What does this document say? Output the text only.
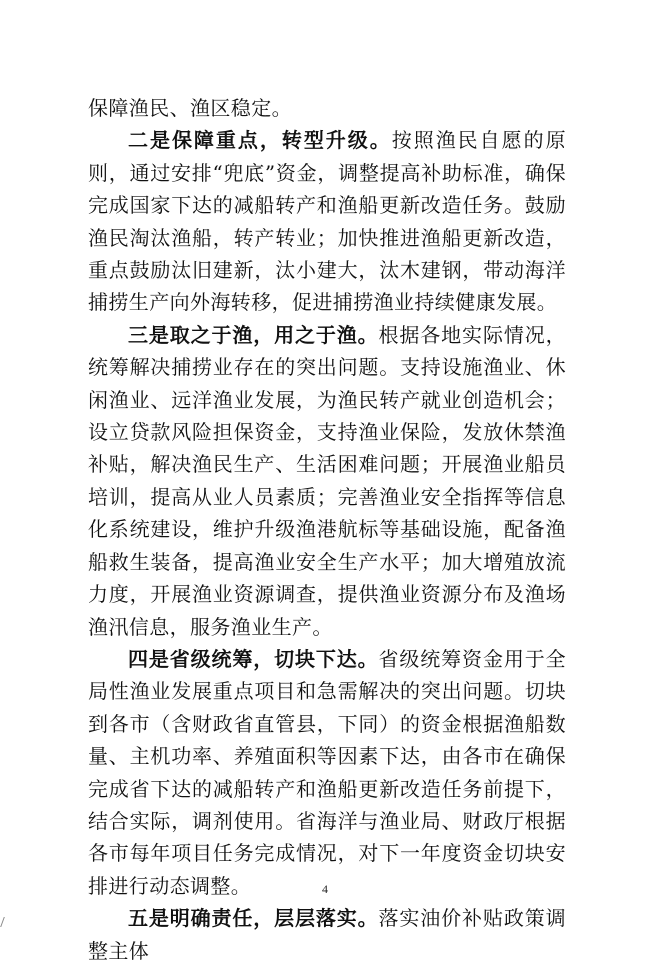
保障渔民、渔区稳定。

二是保障重点，转型升级。按照渔民自愿的原则，通过安排“兜底”资金，调整提高补助标准，确保完成国家下达的减船转产和渔船更新改造任务。鼓励渔民淘汰渔船，转产转业；加快推进渔船更新改造，重点鼓励汰旧建新，汰小建大，汰木建钢，带动海洋捕捞生产向外海转移，促进捕捞渔业持续健康发展。

三是取之于渔，用之于渔。根据各地实际情况，统筹解决捕捞业存在的突出问题。支持设施渔业、休闲渔业、远洋渔业发展，为渔民转产就业创造机会；设立贷款风险担保资金，支持渔业保险，发放休禁渔补贴，解决渔民生产、生活困难问题；开展渔业船员培训，提高从业人员素质；完善渔业安全指挥等信息化系统建设，维护升级渔港航标等基础设施，配备渔船救生装备，提高渔业安全生产水平；加大增殖放流力度，开展渔业资源调查，提供渔业资源分布及渔场渔汛信息，服务渔业生产。

四是省级统筹，切块下达。省级统筹资金用于全局性渔业发展重点项目和急需解决的突出问题。切块到各市（含财政省直管县，下同）的资金根据渔船数量、主机功率、养殖面积等因素下达，由各市在确保完成省下达的减船转产和渔船更新改造任务前提下，结合实际，调剂使用。省海洋与渔业局、财政厅根据各市每年项目任务完成情况，对下一年度资金切块安排进行动态调整。

五是明确责任，层层落实。落实油价补贴政策调整主体

4
